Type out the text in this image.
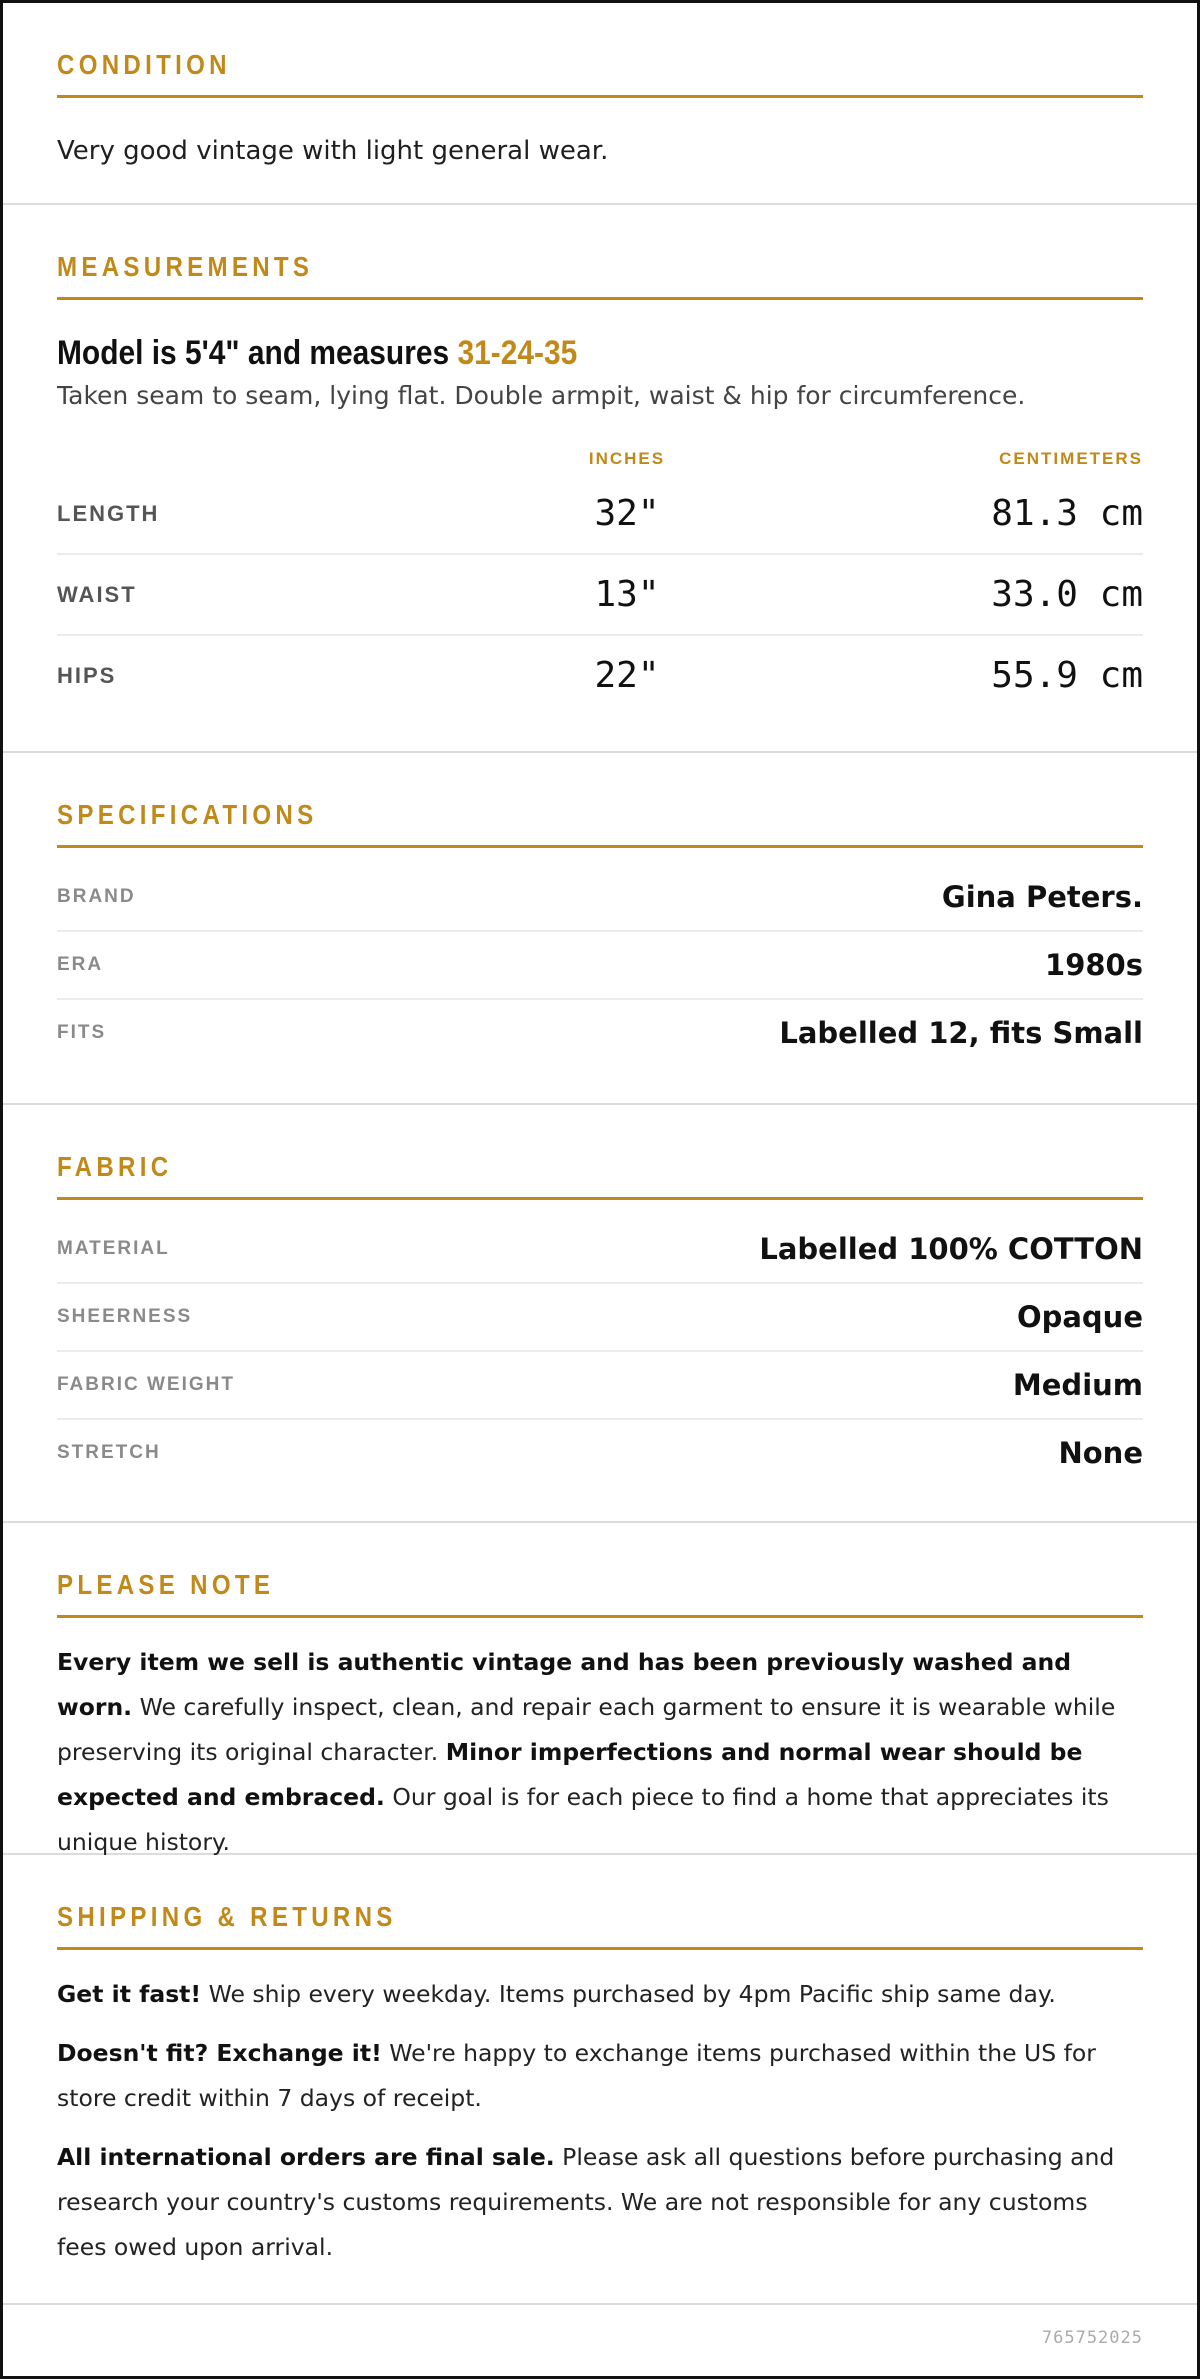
CONDITION
Very good vintage with light general wear.
MEASUREMENTS
Model is 5'4" and measures 31-24-35
Taken seam to seam, lying flat. Double armpit, waist & hip for circumference.
INCHES	CENTIMETERS
LENGTH	32"	81.3 cm
WAIST	13"	33.0 cm
HIPS	22"	55.9 cm
SPECIFICATIONS
BRAND	Gina Peters.
ERA	1980s
FITS	Labelled 12, fits Small
FABRIC
MATERIAL	Labelled 100% COTTON
SHEERNESS	Opaque
FABRIC WEIGHT	Medium
STRETCH	None
PLEASE NOTE

Every item we sell is authentic vintage and has been previously washed and worn. We carefully inspect, clean, and repair each garment to ensure it is wearable while preserving its original character. Minor imperfections and normal wear should be expected and embraced. Our goal is for each piece to find a home that appreciates its unique history.

SHIPPING & RETURNS

Get it fast! We ship every weekday. Items purchased by 4pm Pacific ship same day.

Doesn't fit? Exchange it! We're happy to exchange items purchased within the US for store credit within 7 days of receipt.

All international orders are final sale. Please ask all questions before purchasing and research your country's customs requirements. We are not responsible for any customs fees owed upon arrival.

765752025
